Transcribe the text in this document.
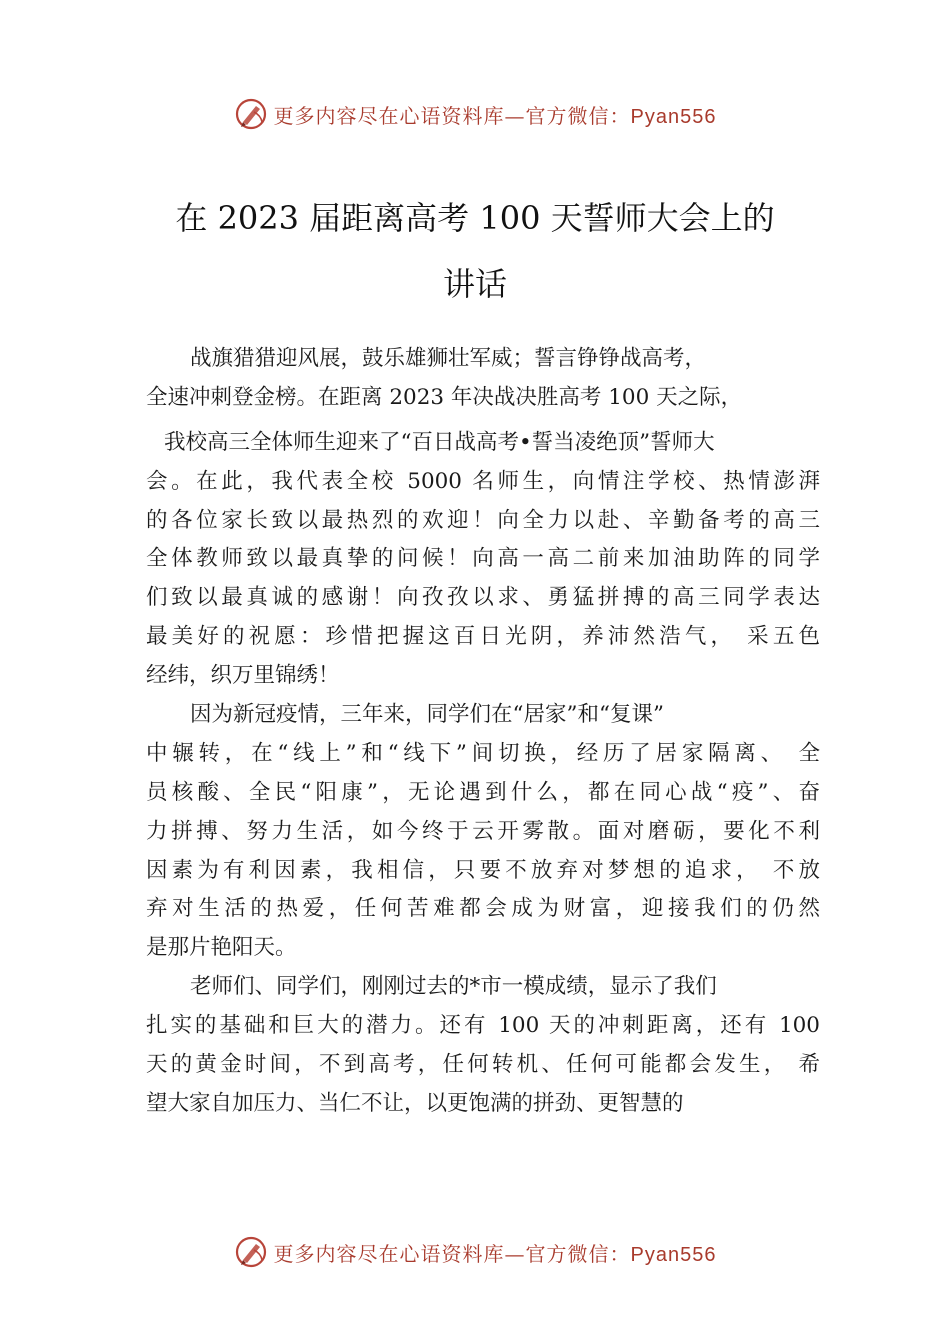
更多内容尽在心语资料库—官方微信：Pyan556
在 2023 届距离高考 100 天誓师大会上的
讲话
战旗猎猎迎风展，鼓乐雄狮壮军威；誓言铮铮战高考，
全速冲刺登金榜。在距离 2023 年决战决胜高考 100 天之际，
我校高三全体师生迎来了“百日战高考•誓当凌绝顶”誓师大
会。在此，我代表全校 5000 名师生，向情注学校、热情澎湃
的各位家长致以最热烈的欢迎！向全力以赴、辛勤备考的高三
全体教师致以最真挚的问候！向高一高二前来加油助阵的同学
们致以最真诚的感谢！向孜孜以求、勇猛拼搏的高三同学表达
最美好的祝愿：珍惜把握这百日光阴，养沛然浩气， 采五色
经纬，织万里锦绣！
因为新冠疫情，三年来，同学们在“居家”和“复课”
中辗转，在“线上”和“线下”间切换，经历了居家隔离、 全
员核酸、全民“阳康”，无论遇到什么，都在同心战“疫”、奋
力拼搏、努力生活，如今终于云开雾散。面对磨砺，要化不利
因素为有利因素，我相信，只要不放弃对梦想的追求， 不放
弃对生活的热爱，任何苦难都会成为财富，迎接我们的仍然
是那片艳阳天。
老师们、同学们，刚刚过去的*市一模成绩，显示了我们
扎实的基础和巨大的潜力。还有 100 天的冲刺距离，还有 100
天的黄金时间，不到高考，任何转机、任何可能都会发生， 希
望大家自加压力、当仁不让，以更饱满的拼劲、更智慧的
更多内容尽在心语资料库—官方微信：Pyan556
